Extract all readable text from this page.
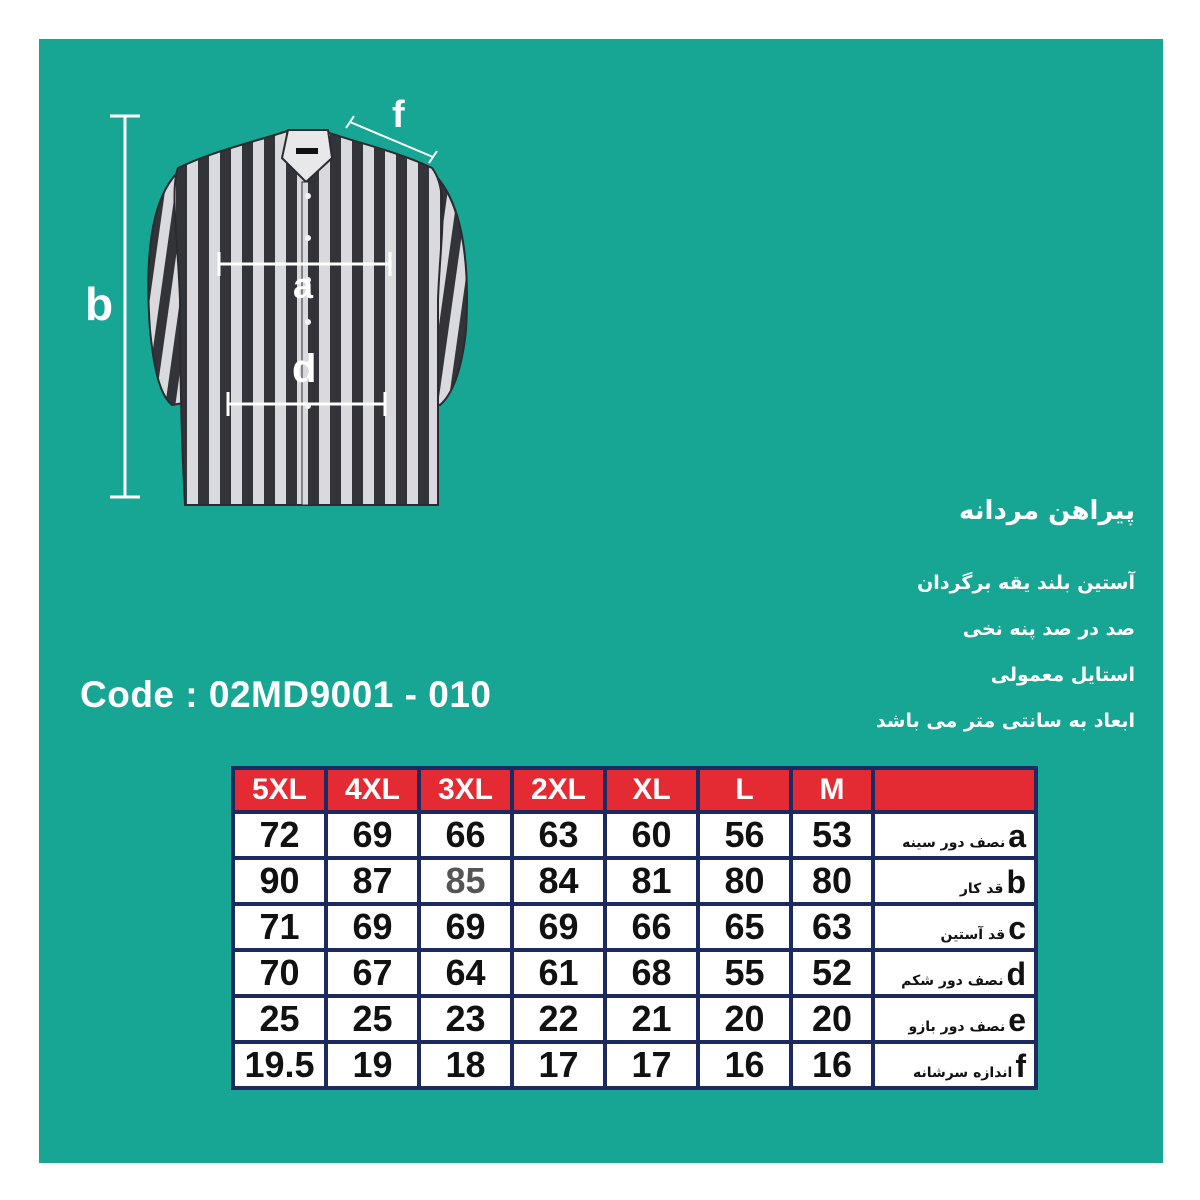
b
f
a
d
پیراهن مردانه
آستین بلند یقه برگردان
صد در صد پنه نخی
استایل معمولی
ابعاد به سانتی متر می باشد
Code : 02MD9001 - 010
5XL	4XL	3XL	2XL	XL	L	M	
72	69	66	63	60	56	53	aنصف دور سینه
90	87	85	84	81	80	80	bقد کار
71	69	69	69	66	65	63	cقد آستین
70	67	64	61	68	55	52	dنصف دور شکم
25	25	23	22	21	20	20	eنصف دور بازو
19.5	19	18	17	17	16	16	fاندازه سرشانه
